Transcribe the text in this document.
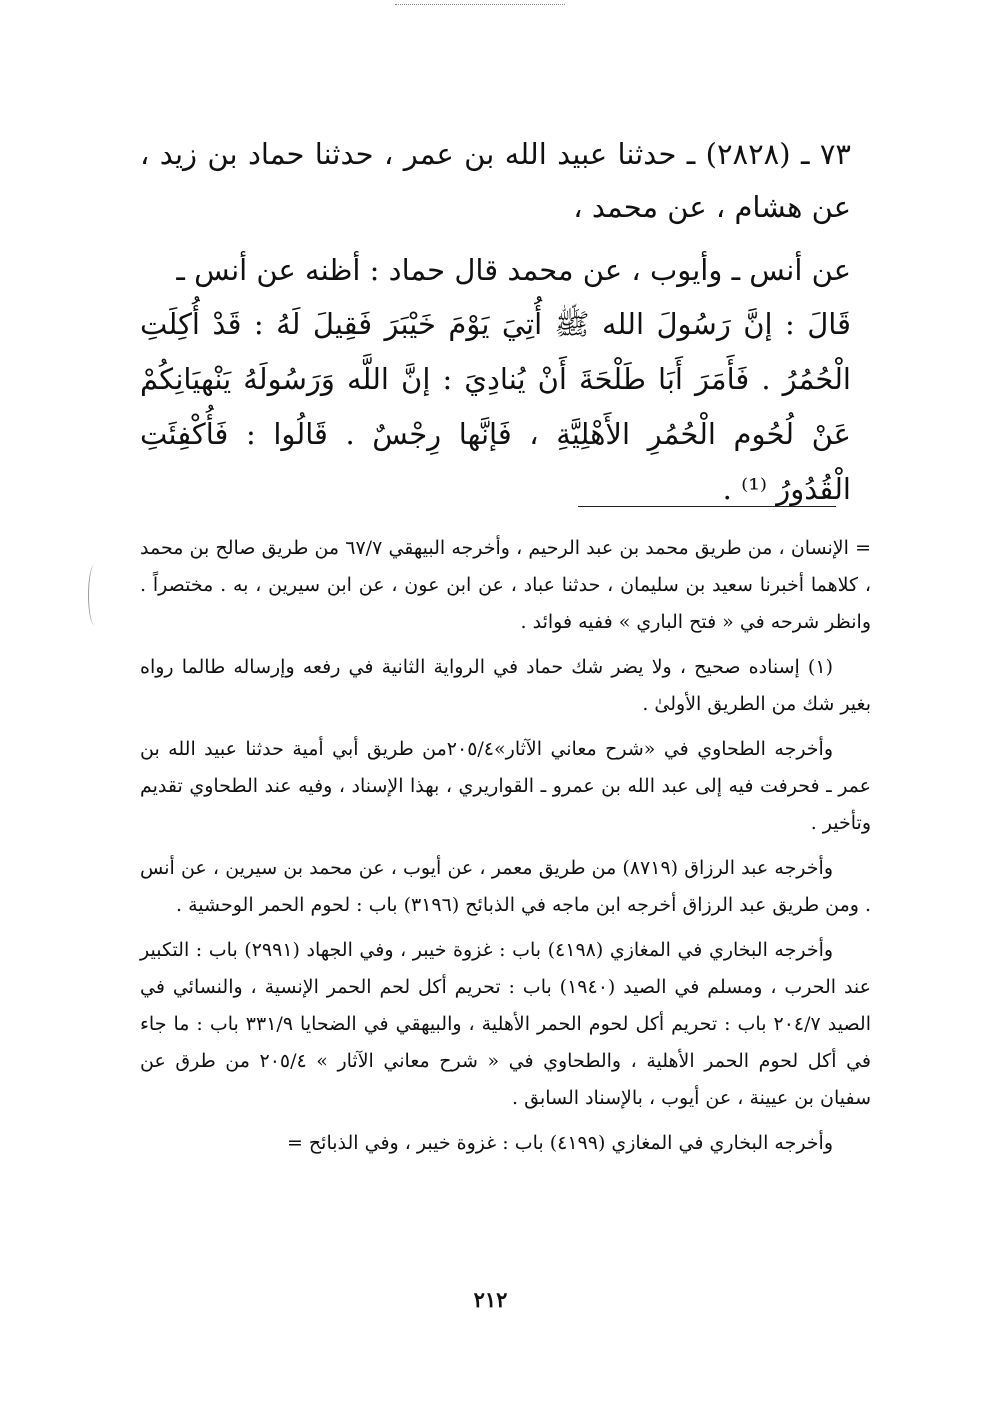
٧٣ ـ (٢٨٢٨) ـ حدثنا عبيد الله بن عمر ، حدثنا حماد بن زيد ، عن هشام ، عن محمد ،

عن أنس ـ وأيوب ، عن محمد قال حماد : أظنه عن أنس ـ

قَالَ : إنَّ رَسُولَ الله ﷺ أُتِيَ يَوْمَ خَيْبَرَ فَقِيلَ لَهُ : قَدْ أُكِلَتِ الْحُمُرُ . فَأَمَرَ أَبَا طَلْحَةَ أَنْ يُنادِيَ : إنَّ اللَّه وَرَسُولَهُ يَنْهيَانِكُمْ عَنْ لُحُوم الْحُمُرِ الأَهْلِيَّةِ ، فَإنَّها رِجْسٌ . قَالُوا : فَأُكْفِئَتِ الْقُدُورُ ⁽¹⁾ .

= الإنسان ، من طريق محمد بن عبد الرحيم ، وأخرجه البيهقي ٦٧/٧ من طريق صالح بن محمد ، كلاهما أخبرنا سعيد بن سليمان ، حدثنا عباد ، عن ابن عون ، عن ابن سيرين ، به . مختصراً . وانظر شرحه في « فتح الباري » ففيه فوائد .

(١) إسناده صحيح ، ولا يضر شك حماد في الرواية الثانية في رفعه وإرساله طالما رواه بغير شك من الطريق الأولىٰ .

وأخرجه الطحاوي في «شرح معاني الآثار»٢٠٥/٤من طريق أبي أمية حدثنا عبيد الله بن عمر ـ فحرفت فيه إلى عبد الله بن عمرو ـ القواريري ، بهذا الإسناد ، وفيه عند الطحاوي تقديم وتأخير .

وأخرجه عبد الرزاق (٨٧١٩) من طريق معمر ، عن أيوب ، عن محمد بن سيرين ، عن أنس . ومن طريق عبد الرزاق أخرجه ابن ماجه في الذبائح (٣١٩٦) باب : لحوم الحمر الوحشية .

وأخرجه البخاري في المغازي (٤١٩٨) باب : غزوة خيبر ، وفي الجهاد (٢٩٩١) باب : التكبير عند الحرب ، ومسلم في الصيد (١٩٤٠) باب : تحريم أكل لحم الحمر الإنسية ، والنسائي في الصيد ٢٠٤/٧ باب : تحريم أكل لحوم الحمر الأهلية ، والبيهقي في الضحايا ٣٣١/٩ باب : ما جاء في أكل لحوم الحمر الأهلية ، والطحاوي في « شرح معاني الآثار » ٢٠٥/٤ من طرق عن سفيان بن عيينة ، عن أيوب ، بالإسناد السابق .

وأخرجه البخاري في المغازي (٤١٩٩) باب : غزوة خيبر ، وفي الذبائح =

٢١٢
